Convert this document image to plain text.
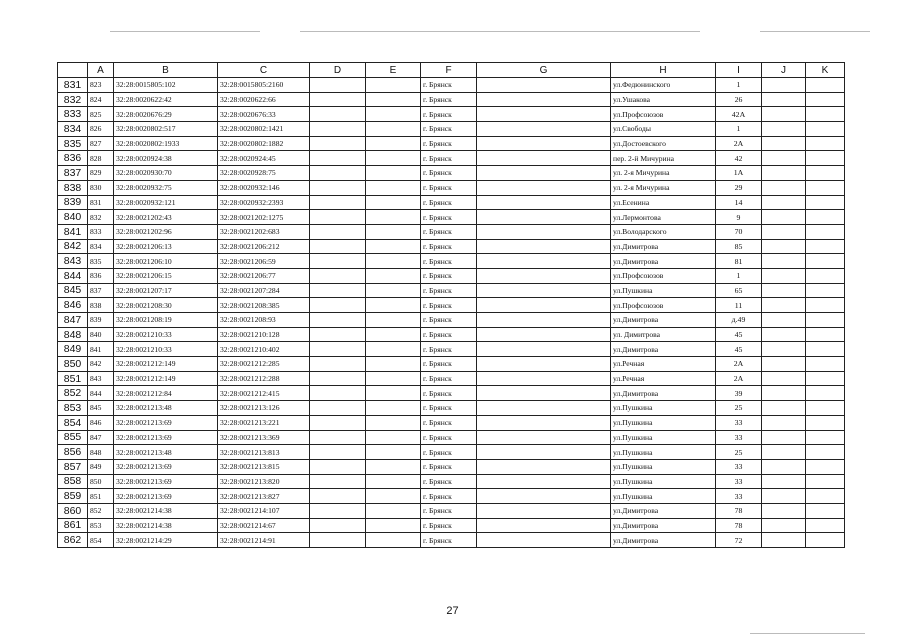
	A	B	C	D	E	F	G	H	I	J	K	
831	823	32:28:0015805:102	32:28:0015805:2160			г. Брянск		ул.Федюнинского	1			
832	824	32:28:0020622:42	32:28:0020622:66			г. Брянск		ул.Ушакова	26			
833	825	32:28:0020676:29	32:28:0020676:33			г. Брянск		ул.Профсоюзов	42А			
834	826	32:28:0020802:517	32:28:0020802:1421			г. Брянск		ул.Свободы	1			
835	827	32:28:0020802:1933	32:28:0020802:1882			г. Брянск		ул.Достоевского	2А			
836	828	32:28:0020924:38	32:28:0020924:45			г. Брянск		пер. 2-й Мичурина	42			
837	829	32:28:0020930:70	32:28:0020928:75			г. Брянск		ул. 2-я Мичурина	1А			
838	830	32:28:0020932:75	32:28:0020932:146			г. Брянск		ул. 2-я Мичурина	29			
839	831	32:28:0020932:121	32:28:0020932:2393			г. Брянск		ул.Есенина	14			
840	832	32:28:0021202:43	32:28:0021202:1275			г. Брянск		ул.Лермонтова	9			
841	833	32:28:0021202:96	32:28:0021202:683			г. Брянск		ул.Володарского	70			
842	834	32:28:0021206:13	32:28:0021206:212			г. Брянск		ул.Димитрова	85			
843	835	32:28:0021206:10	32:28:0021206:59			г. Брянск		ул.Димитрова	81			
844	836	32:28:0021206:15	32:28:0021206:77			г. Брянск		ул.Профсоюзов	1			
845	837	32:28:0021207:17	32:28:0021207:284			г. Брянск		ул.Пушкина	65			
846	838	32:28:0021208:30	32:28:0021208:385			г. Брянск		ул.Профсоюзов	11			
847	839	32:28:0021208:19	32:28:0021208:93			г. Брянск		ул.Димитрова	д.49			
848	840	32:28:0021210:33	32:28:0021210:128			г. Брянск		ул. Димитрова	45			
849	841	32:28:0021210:33	32:28:0021210:402			г. Брянск		ул.Димитрова	45			
850	842	32:28:0021212:149	32:28:0021212:285			г. Брянск		ул.Речная	2А			
851	843	32:28:0021212:149	32:28:0021212:288			г. Брянск		ул.Речная	2А			
852	844	32:28:0021212:84	32:28:0021212:415			г. Брянск		ул.Димитрова	39			
853	845	32:28:0021213:48	32:28:0021213:126			г. Брянск		ул.Пушкина	25			
854	846	32:28:0021213:69	32:28:0021213:221			г. Брянск		ул.Пушкина	33			
855	847	32:28:0021213:69	32:28:0021213:369			г. Брянск		ул.Пушкина	33			
856	848	32:28:0021213:48	32:28:0021213:813			г. Брянск		ул.Пушкина	25			
857	849	32:28:0021213:69	32:28:0021213:815			г. Брянск		ул.Пушкина	33			
858	850	32:28:0021213:69	32:28:0021213:820			г. Брянск		ул.Пушкина	33			
859	851	32:28:0021213:69	32:28:0021213:827			г. Брянск		ул.Пушкина	33			
860	852	32:28:0021214:38	32:28:0021214:107			г. Брянск		ул.Димитрова	78			
861	853	32:28:0021214:38	32:28:0021214:67			г. Брянск		ул.Димитрова	78			
862	854	32:28:0021214:29	32:28:0021214:91			г. Брянск		ул.Димитрова	72			
27
